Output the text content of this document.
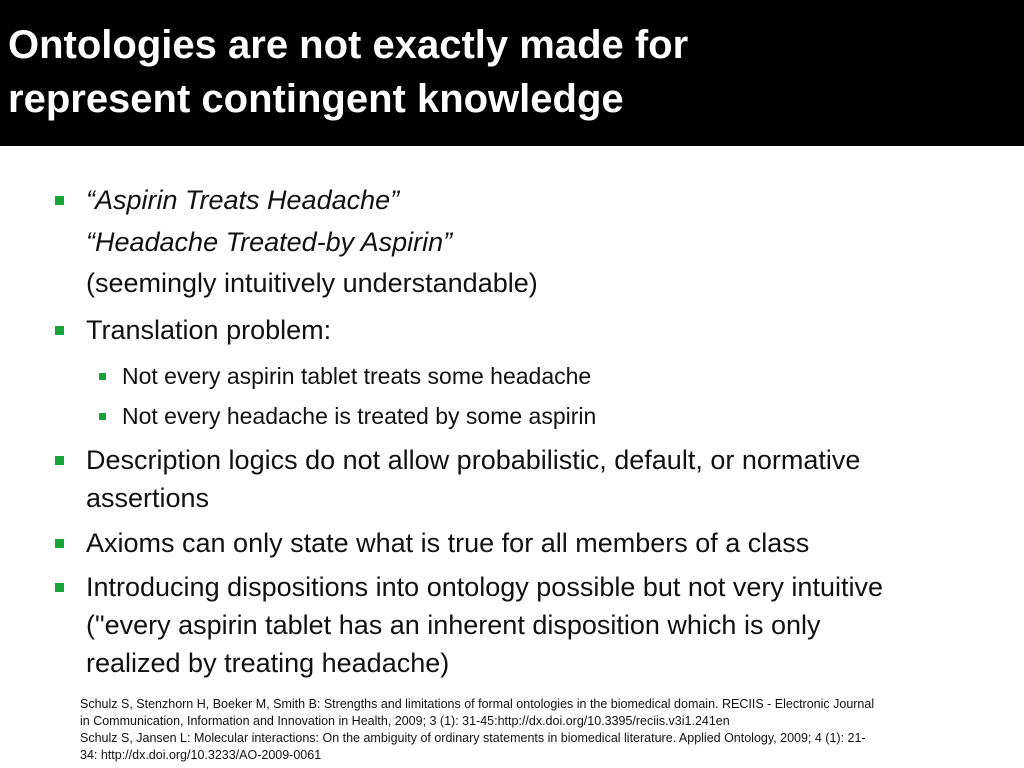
Ontologies are not exactly made for
represent contingent knowledge
“Aspirin Treats Headache”
“Headache Treated-by Aspirin”
(seemingly intuitively understandable)
Translation problem:
Not every aspirin tablet treats some headache
Not every headache is treated by some aspirin
Description logics do not allow probabilistic, default, or normative
assertions
Axioms can only state what is true for all members of a class
Introducing dispositions into ontology possible but not very intuitive
("every aspirin tablet has an inherent disposition which is only
realized by treating headache)
Schulz S, Stenzhorn H, Boeker M, Smith B: Strengths and limitations of formal ontologies in the biomedical domain. RECIIS - Electronic Journal
in Communication, Information and Innovation in Health, 2009; 3 (1): 31-45:http://dx.doi.org/10.3395/reciis.v3i1.241en
Schulz S, Jansen L: Molecular interactions: On the ambiguity of ordinary statements in biomedical literature. Applied Ontology, 2009; 4 (1): 21-
34: http://dx.doi.org/10.3233/AO-2009-0061
